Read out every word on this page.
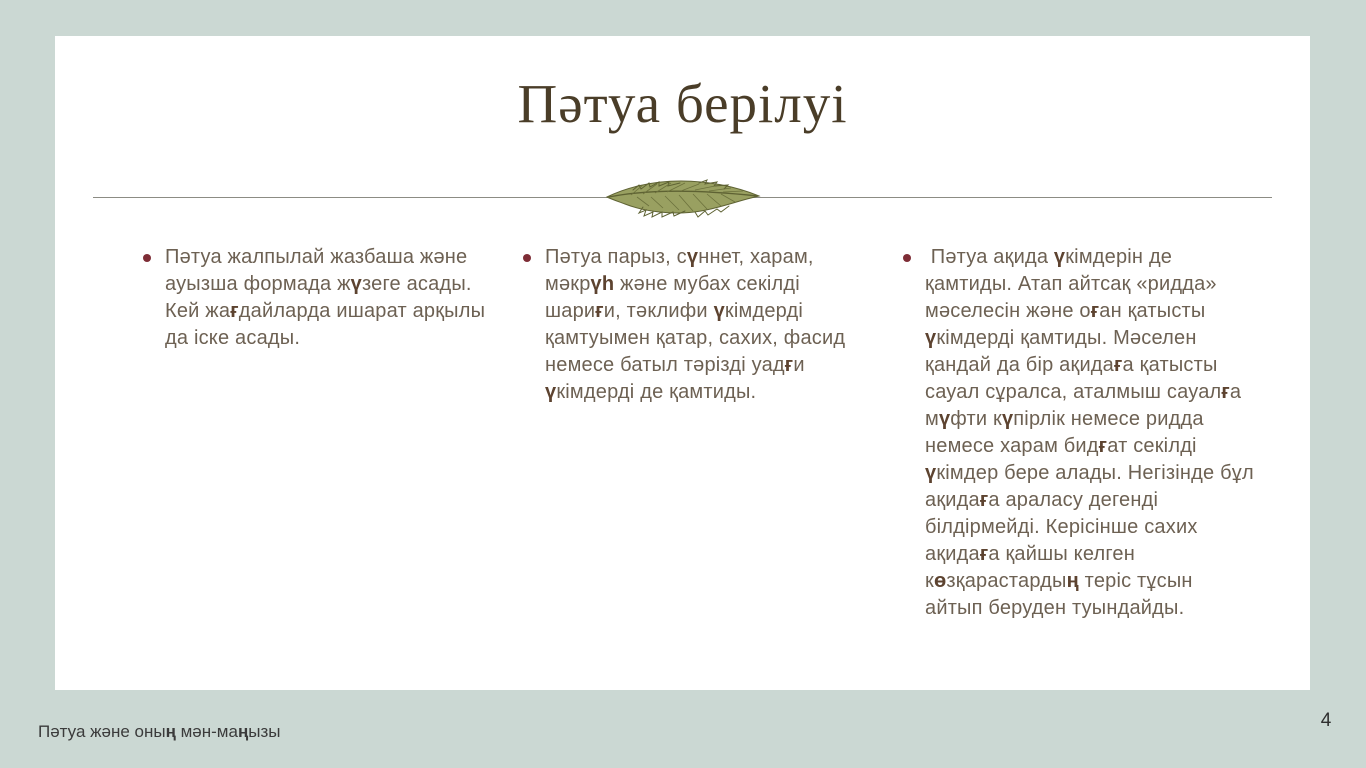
Пәтуа берілуі
Пәтуа жалпылай жазбаша және ауызша формада жүзеге асады. Кей жағдайларда ишарат арқылы да іске асады.
Пәтуа парыз, сүннет, харам, мәкрүһ және мубах секілді шариғи, тәклифи үкімдерді қамтуымен қатар, сахих, фасид немесе батыл тәрізді уадғи үкімдерді де қамтиды.
Пәтуа ақида үкімдерін де қамтиды. Атап айтсақ «ридда» мәселесін және оған қатысты үкімдерді қамтиды. Мәселен қандай да бір ақидаға қатысты сауал сұралса, аталмыш сауалға мүфти күпірлік немесе ридда немесе харам бидғат секілді үкімдер бере алады. Негізінде бұл ақидаға араласу дегенді білдірмейді. Керісінше сахих ақидаға қайшы келген көзқарастардың теріс тұсын айтып беруден туындайды.
Пәтуа және оның мән-маңызы
4
